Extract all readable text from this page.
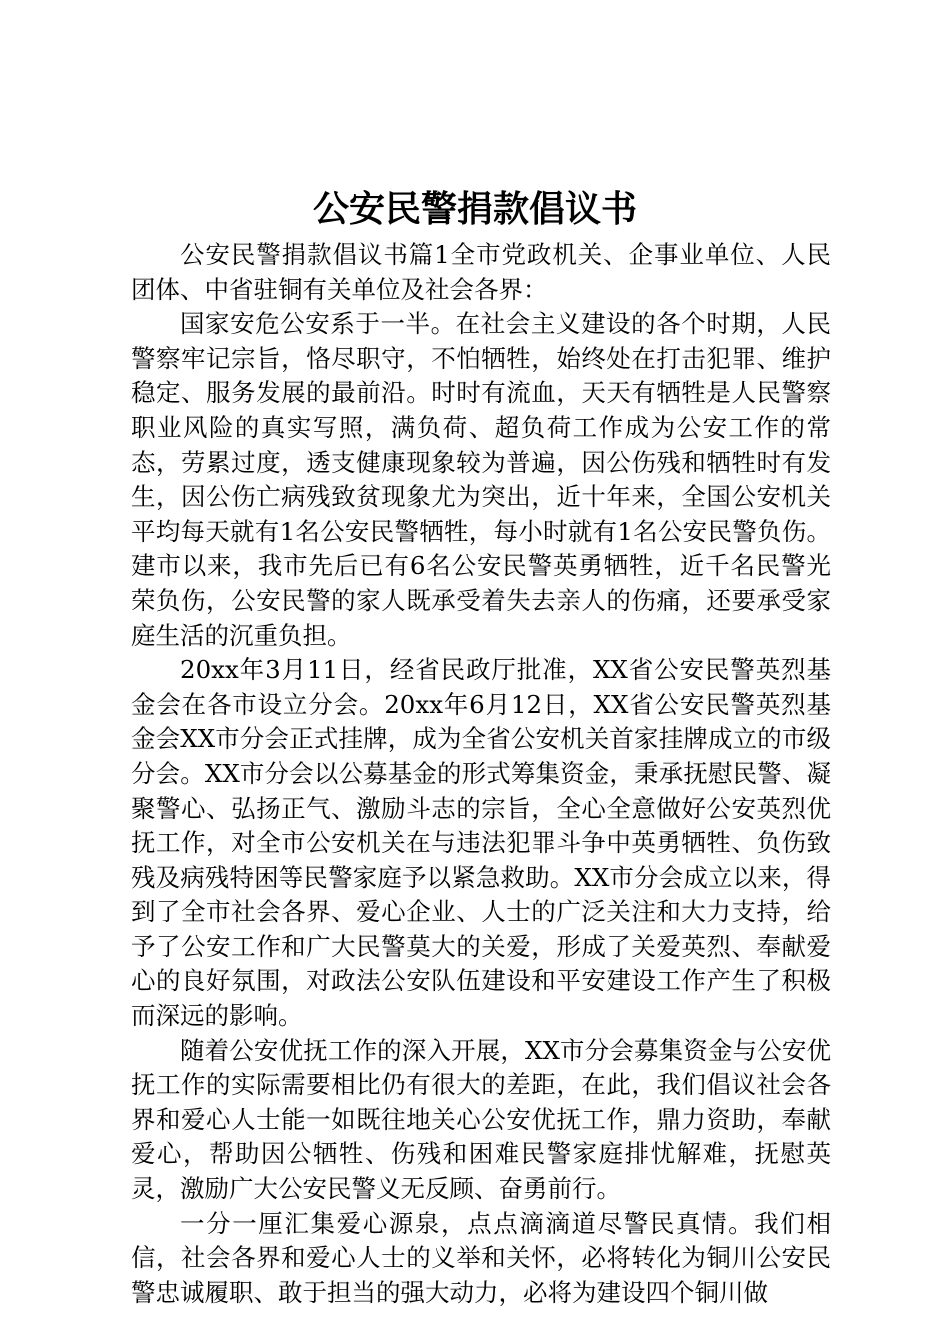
公安民警捐款倡议书

公安民警捐款倡议书篇1全市党政机关、企事业单位、人民团体、中省驻铜有关单位及社会各界：

国家安危公安系于一半。在社会主义建设的各个时期，人民警察牢记宗旨，恪尽职守，不怕牺牲，始终处在打击犯罪、维护稳定、服务发展的最前沿。时时有流血，天天有牺牲是人民警察职业风险的真实写照，满负荷、超负荷工作成为公安工作的常态，劳累过度，透支健康现象较为普遍，因公伤残和牺牲时有发生，因公伤亡病残致贫现象尤为突出，近十年来，全国公安机关平均每天就有1名公安民警牺牲，每小时就有1名公安民警负伤。建市以来，我市先后已有6名公安民警英勇牺牲，近千名民警光荣负伤，公安民警的家人既承受着失去亲人的伤痛，还要承受家庭生活的沉重负担。

20xx年3月11日，经省民政厅批准，XX省公安民警英烈基金会在各市设立分会。20xx年6月12日，XX省公安民警英烈基金会XX市分会正式挂牌，成为全省公安机关首家挂牌成立的市级分会。XX市分会以公募基金的形式筹集资金，秉承抚慰民警、凝聚警心、弘扬正气、激励斗志的宗旨，全心全意做好公安英烈优抚工作，对全市公安机关在与违法犯罪斗争中英勇牺牲、负伤致残及病残特困等民警家庭予以紧急救助。XX市分会成立以来，得到了全市社会各界、爱心企业、人士的广泛关注和大力支持，给予了公安工作和广大民警莫大的关爱，形成了关爱英烈、奉献爱心的良好氛围，对政法公安队伍建设和平安建设工作产生了积极而深远的影响。

随着公安优抚工作的深入开展，XX市分会募集资金与公安优抚工作的实际需要相比仍有很大的差距，在此，我们倡议社会各界和爱心人士能一如既往地关心公安优抚工作，鼎力资助，奉献爱心，帮助因公牺牲、伤残和困难民警家庭排忧解难，抚慰英灵，激励广大公安民警义无反顾、奋勇前行。

一分一厘汇集爱心源泉，点点滴滴道尽警民真情。我们相信，社会各界和爱心人士的义举和关怀，必将转化为铜川公安民警忠诚履职、敢于担当的强大动力，必将为建设四个铜川做
